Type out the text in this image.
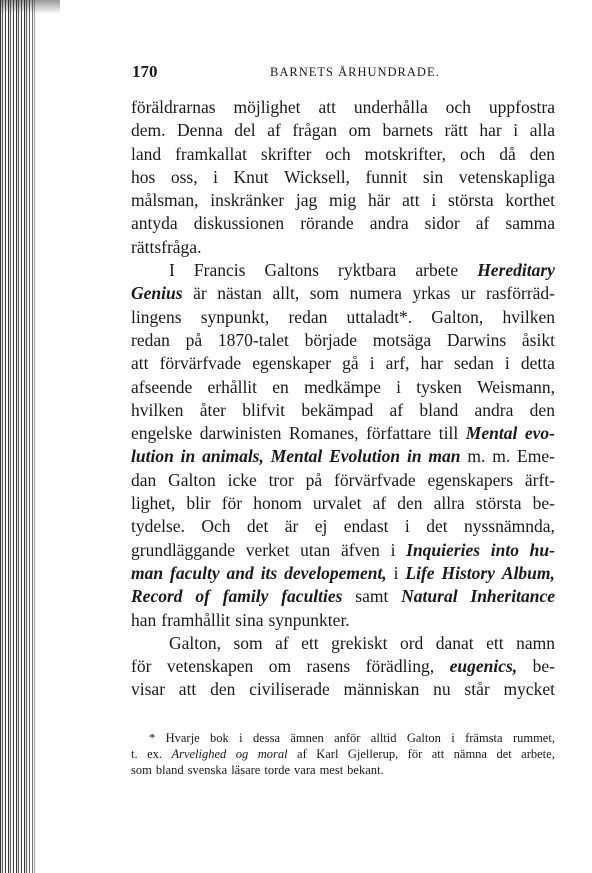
170	BARNETS ÅRHUNDRADE.
föräldrarnas möjlighet att underhålla och uppfostra
dem. Denna del af frågan om barnets rätt har i alla
land framkallat skrifter och motskrifter, och då den
hos oss, i Knut Wicksell, funnit sin vetenskapliga
målsman, inskränker jag mig här att i största korthet
antyda diskussionen rörande andra sidor af samma
rättsfråga.
I Francis Galtons ryktbara arbete Hereditary
Genius är nästan allt, som numera yrkas ur rasförräd-
lingens synpunkt, redan uttaladt*. Galton, hvilken
redan på 1870-talet började motsäga Darwins åsikt
att förvärfvade egenskaper gå i arf, har sedan i detta
afseende erhållit en medkämpe i tysken Weismann,
hvilken åter blifvit bekämpad af bland andra den
engelske darwinisten Romanes, författare till Mental evo-
lution in animals, Mental Evolution in man m. m. Eme-
dan Galton icke tror på förvärfvade egenskapers ärft-
lighet, blir för honom urvalet af den allra största be-
tydelse. Och det är ej endast i det nyssnämnda,
grundläggande verket utan äfven i Inquieries into hu-
man faculty and its developement, i Life History Album,
Record of family faculties samt Natural Inheritance
han framhållit sina synpunkter.
Galton, som af ett grekiskt ord danat ett namn
för vetenskapen om rasens förädling, eugenics, be-
visar att den civiliserade människan nu står mycket
* Hvarje bok i dessa ämnen anför alltid Galton i främsta rummet,
t. ex. Arvelighed og moral af Karl Gjellerup, för att nämna det arbete,
som bland svenska läsare torde vara mest bekant.
